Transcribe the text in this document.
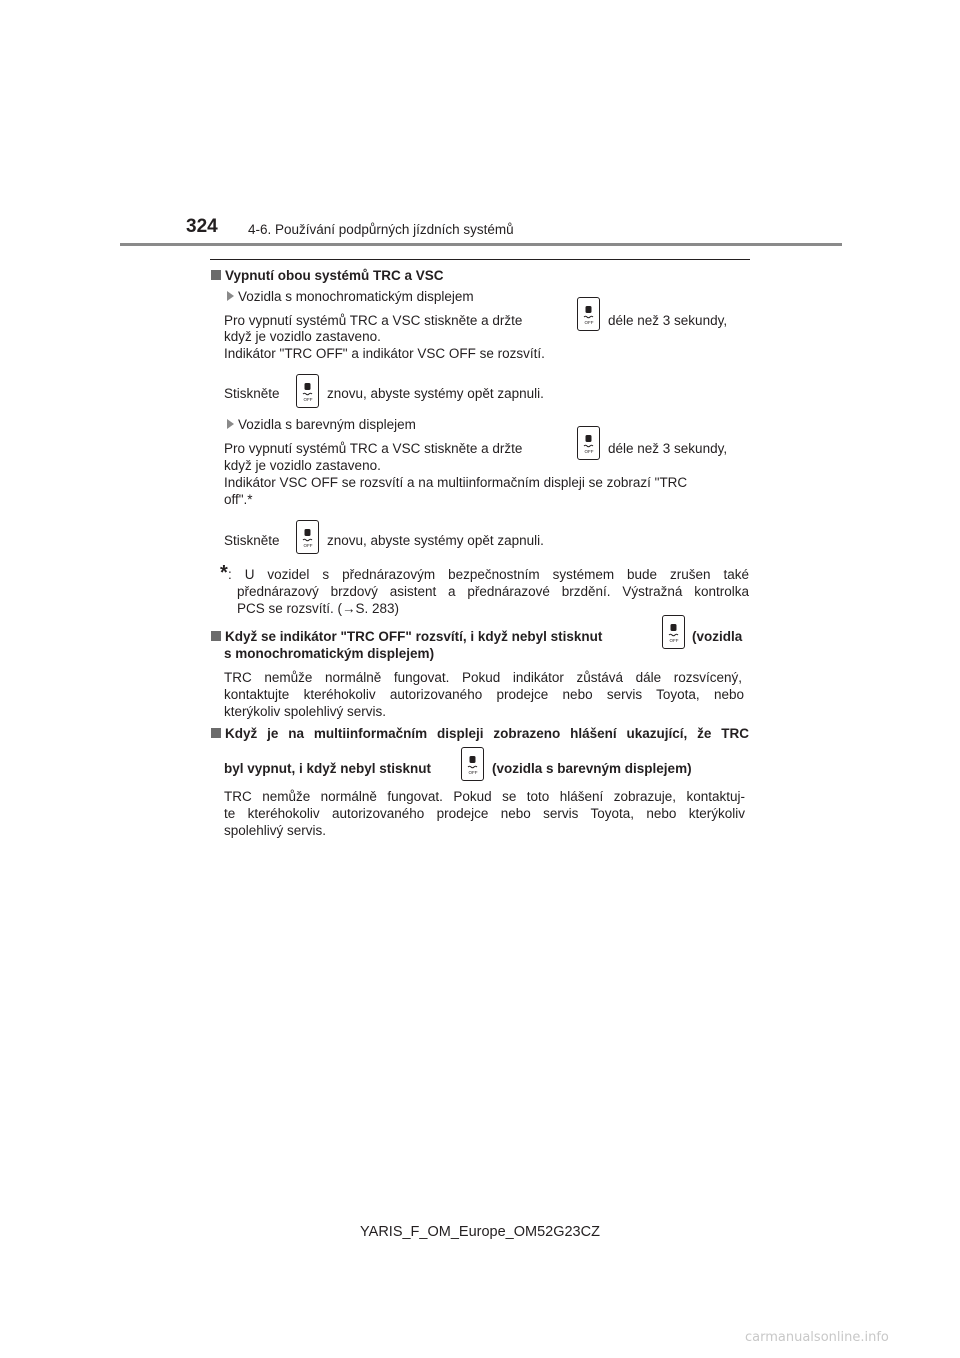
324 4-6. Používání podpůrných jízdních systémů
Vypnutí obou systémů TRC a VSC
Vozidla s monochromatickým displejem
Pro vypnutí systémů TRC a VSC stiskněte a držte	OFF déle než 3 sekundy,
když je vozidlo zastaveno.
Indikátor "TRC OFF" a indikátor VSC OFF se rozsvítí.
Stiskněte	OFF znovu, abyste systémy opět zapnuli.
Vozidla s barevným displejem
Pro vypnutí systémů TRC a VSC stiskněte a držte	OFF déle než 3 sekundy,
když je vozidlo zastaveno.
Indikátor VSC OFF se rozsvítí a na multiinformačním displeji se zobrazí "TRC
off".*
Stiskněte	OFF znovu, abyste systémy opět zapnuli.
* : U vozidel s přednárazovým bezpečnostním systémem bude zrušen také
přednárazový brzdový asistent a přednárazové brzdění. Výstražná kontrolka
PCS se rozsvítí. (→S. 283)
Když se indikátor "TRC OFF" rozsvítí, i když nebyl stisknut	OFF (vozidla
s monochromatickým displejem)
TRC nemůže normálně fungovat. Pokud indikátor zůstává dále rozsvícený,
kontaktujte kteréhokoliv autorizovaného prodejce nebo servis Toyota, nebo
kterýkoliv spolehlivý servis.
Když je na multiinformačním displeji zobrazeno hlášení ukazující, že TRC
byl vypnut, i když nebyl stisknut	OFF (vozidla s barevným displejem)
TRC nemůže normálně fungovat. Pokud se toto hlášení zobrazuje, kontaktuj-
te kteréhokoliv autorizovaného prodejce nebo servis Toyota, nebo kterýkoliv
spolehlivý servis.
YARIS_F_OM_Europe_OM52G23CZ
carmanualsonline.info
